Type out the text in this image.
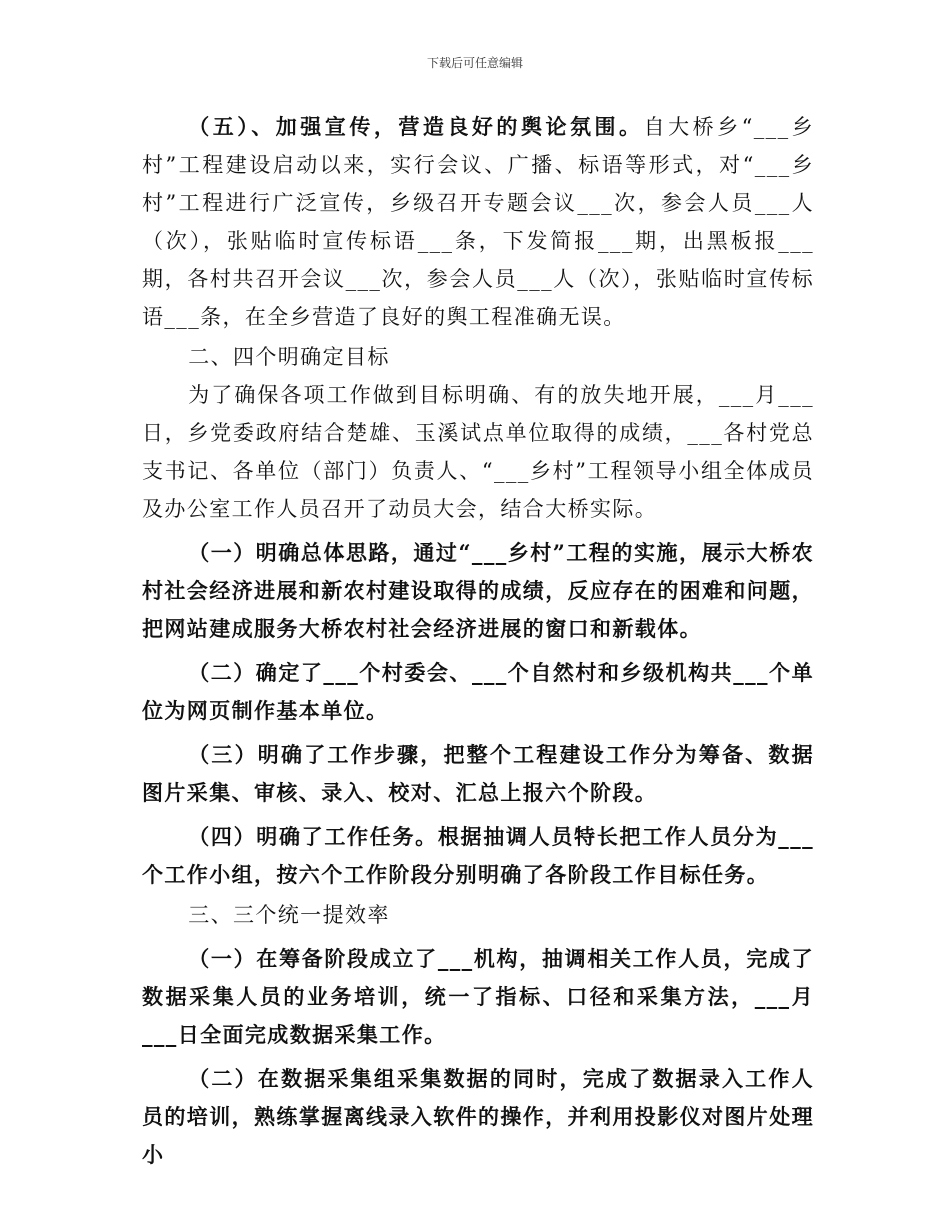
下载后可任意编辑

（五）、加强宣传，营造良好的舆论氛围。自大桥乡“___乡村”工程建设启动以来，实行会议、广播、标语等形式，对“___乡村”工程进行广泛宣传，乡级召开专题会议___次，参会人员___人（次），张贴临时宣传标语___条，下发简报___期，出黑板报___期，各村共召开会议___次，参会人员___人（次），张贴临时宣传标语___条，在全乡营造了良好的舆工程准确无误。

二、四个明确定目标

为了确保各项工作做到目标明确、有的放失地开展，___月___日，乡党委政府结合楚雄、玉溪试点单位取得的成绩，___各村党总支书记、各单位（部门）负责人、“___乡村”工程领导小组全体成员及办公室工作人员召开了动员大会，结合大桥实际。

（一）明确总体思路，通过“___乡村”工程的实施，展示大桥农村社会经济进展和新农村建设取得的成绩，反应存在的困难和问题，把网站建成服务大桥农村社会经济进展的窗口和新载体。

（二）确定了___个村委会、___个自然村和乡级机构共___个单位为网页制作基本单位。

（三）明确了工作步骤，把整个工程建设工作分为筹备、数据图片采集、审核、录入、校对、汇总上报六个阶段。

（四）明确了工作任务。根据抽调人员特长把工作人员分为___个工作小组，按六个工作阶段分别明确了各阶段工作目标任务。

三、三个统一提效率

（一）在筹备阶段成立了___机构，抽调相关工作人员，完成了数据采集人员的业务培训，统一了指标、口径和采集方法，___月___日全面完成数据采集工作。

（二）在数据采集组采集数据的同时，完成了数据录入工作人员的培训，熟练掌握离线录入软件的操作，并利用投影仪对图片处理小
